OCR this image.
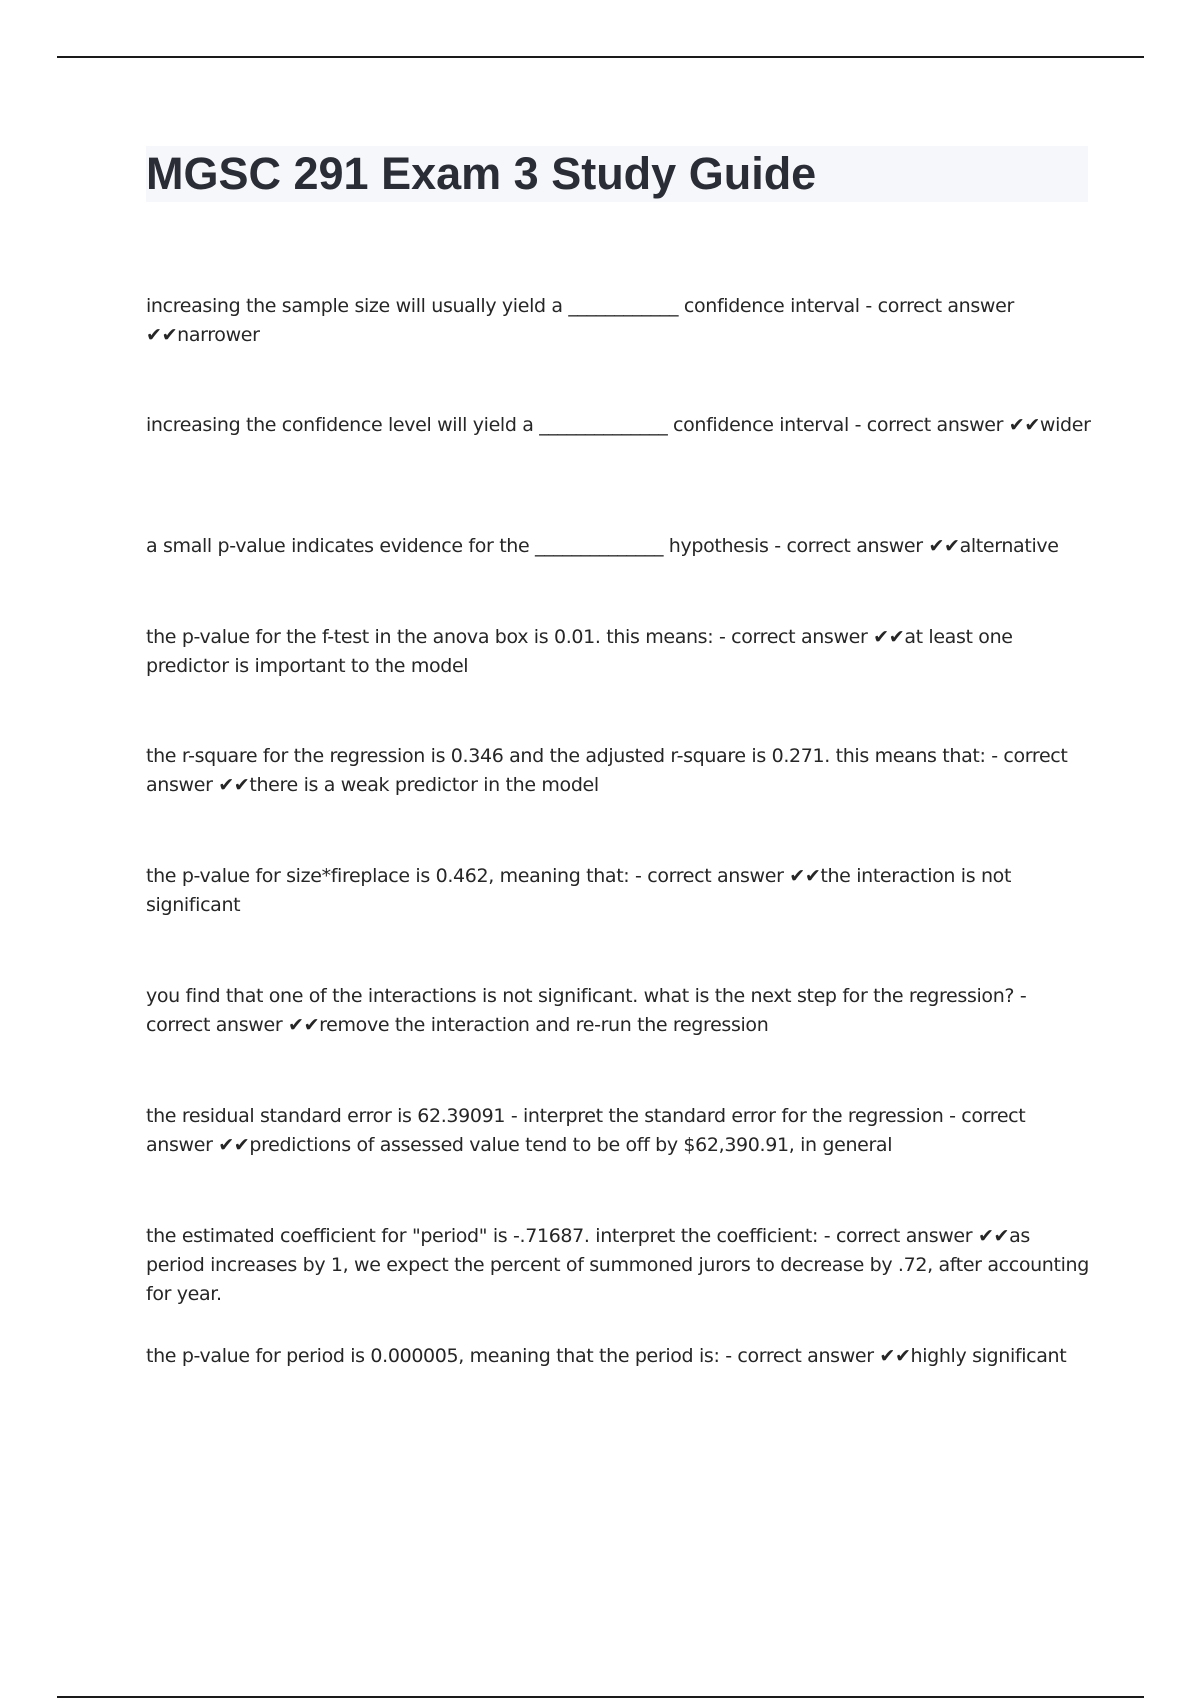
MGSC 291 Exam 3 Study Guide

increasing the sample size will usually yield a ____________ confidence interval - correct answer ✔✔narrower

increasing the confidence level will yield a ______________ confidence interval - correct answer ✔✔wider

a small p-value indicates evidence for the ______________ hypothesis - correct answer ✔✔alternative

the p-value for the f-test in the anova box is 0.01. this means: - correct answer ✔✔at least one predictor is important to the model

the r-square for the regression is 0.346 and the adjusted r-square is 0.271. this means that: - correct answer ✔✔there is a weak predictor in the model

the p-value for size*fireplace is 0.462, meaning that: - correct answer ✔✔the interaction is not significant

you find that one of the interactions is not significant. what is the next step for the regression? - correct answer ✔✔remove the interaction and re-run the regression

the residual standard error is 62.39091 - interpret the standard error for the regression - correct answer ✔✔predictions of assessed value tend to be off by $62,390.91, in general

the estimated coefficient for "period" is -.71687. interpret the coefficient: - correct answer ✔✔as period increases by 1, we expect the percent of summoned jurors to decrease by .72, after accounting for year.

the p-value for period is 0.000005, meaning that the period is: - correct answer ✔✔highly significant
